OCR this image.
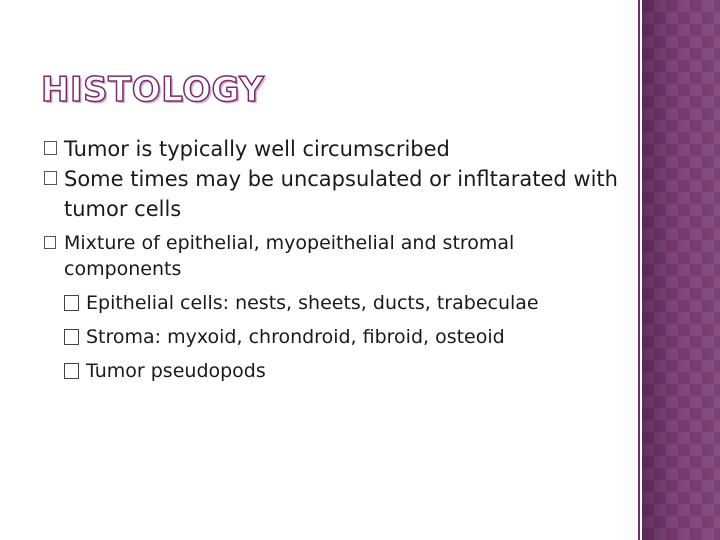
HISTOLOGY
Tumor is typically well circumscribed
Some times may be uncapsulated or infltarated with tumor cells
Mixture of epithelial, myopeithelial and stromal components
Epithelial cells: nests, sheets, ducts, trabeculae
Stroma: myxoid, chrondroid, fibroid, osteoid
Tumor pseudopods
